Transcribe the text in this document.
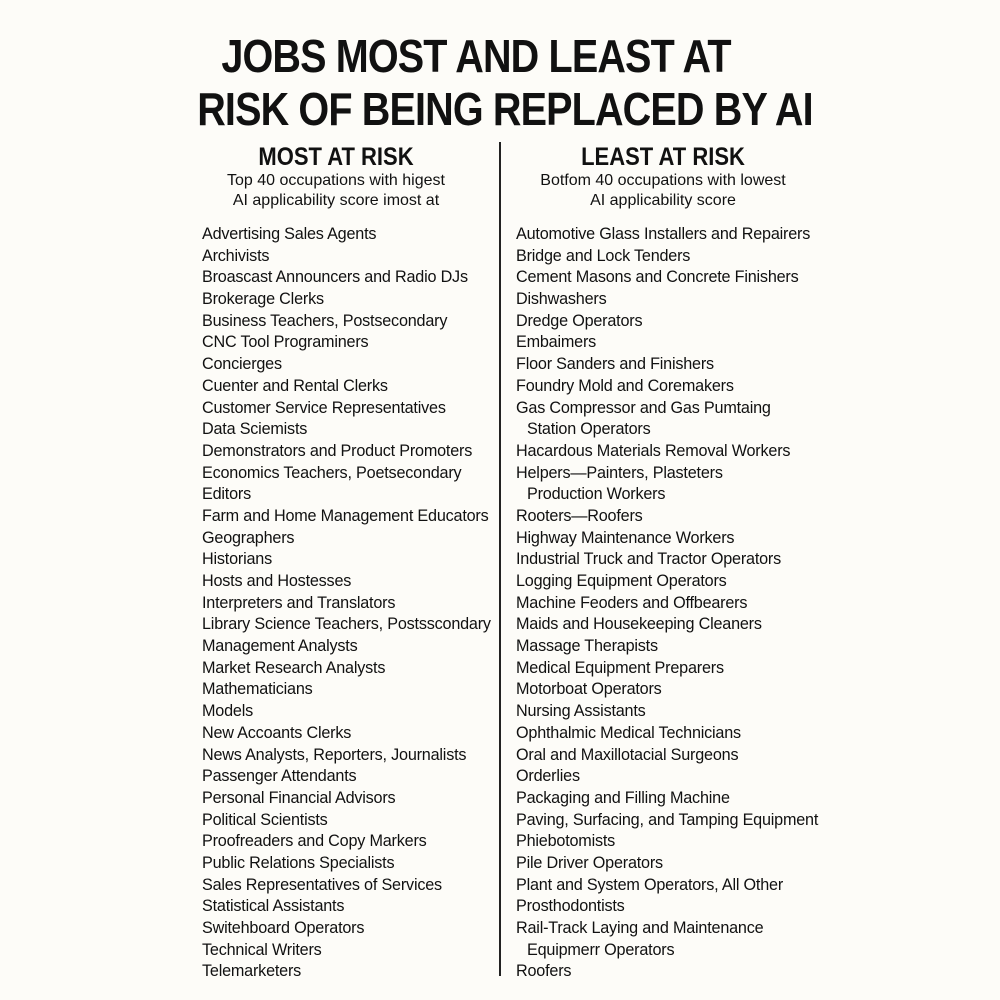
JOBS MOST AND LEAST AT
RISK OF BEING REPLACED BY AI
MOST AT RISK
Top 40 occupations with higest
AI applicability score imost at
LEAST AT RISK
Botfom 40 occupations with lowest
AI applicability score
Advertising Sales Agents
Archivists
Broascast Announcers and Radio DJs
Brokerage Clerks
Business Teachers, Postsecondary
CNC Tool Programiners
Concierges
Cuenter and Rental Clerks
Customer Service Representatives
Data Sciemists
Demonstrators and Product Promoters
Economics Teachers, Poetsecondary
Editors
Farm and Home Management Educators
Geographers
Historians
Hosts and Hostesses
Interpreters and Translators
Library Science Teachers, Postsscondary
Management Analysts
Market Research Analysts
Mathematicians
Models
New Accoants Clerks
News Analysts, Reporters, Journalists
Passenger Attendants
Personal Financial Advisors
Political Scientists
Proofreaders and Copy Markers
Public Relations Specialists
Sales Representatives of Services
Statistical Assistants
Switehboard Operators
Technical Writers
Telemarketers
Automotive Glass Installers and Repairers
Bridge and Lock Tenders
Cement Masons and Concrete Finishers
Dishwashers
Dredge Operators
Embaimers
Floor Sanders and Finishers
Foundry Mold and Coremakers
Gas Compressor and Gas Pumtaing
Station Operators
Hacardous Materials Removal Workers
Helpers—Painters, Plasteters
Production Workers
Rooters—Roofers
Highway Maintenance Workers
Industrial Truck and Tractor Operators
Logging Equipment Operators
Machine Feoders and Offbearers
Maids and Housekeeping Cleaners
Massage Therapists
Medical Equipment Preparers
Motorboat Operators
Nursing Assistants
Ophthalmic Medical Technicians
Oral and Maxillotacial Surgeons
Orderlies
Packaging and Filling Machine
Paving, Surfacing, and Tamping Equipment
Phiebotomists
Pile Driver Operators
Plant and System Operators, All Other
Prosthodontists
Rail-Track Laying and Maintenance
Equipmerr Operators
Roofers
